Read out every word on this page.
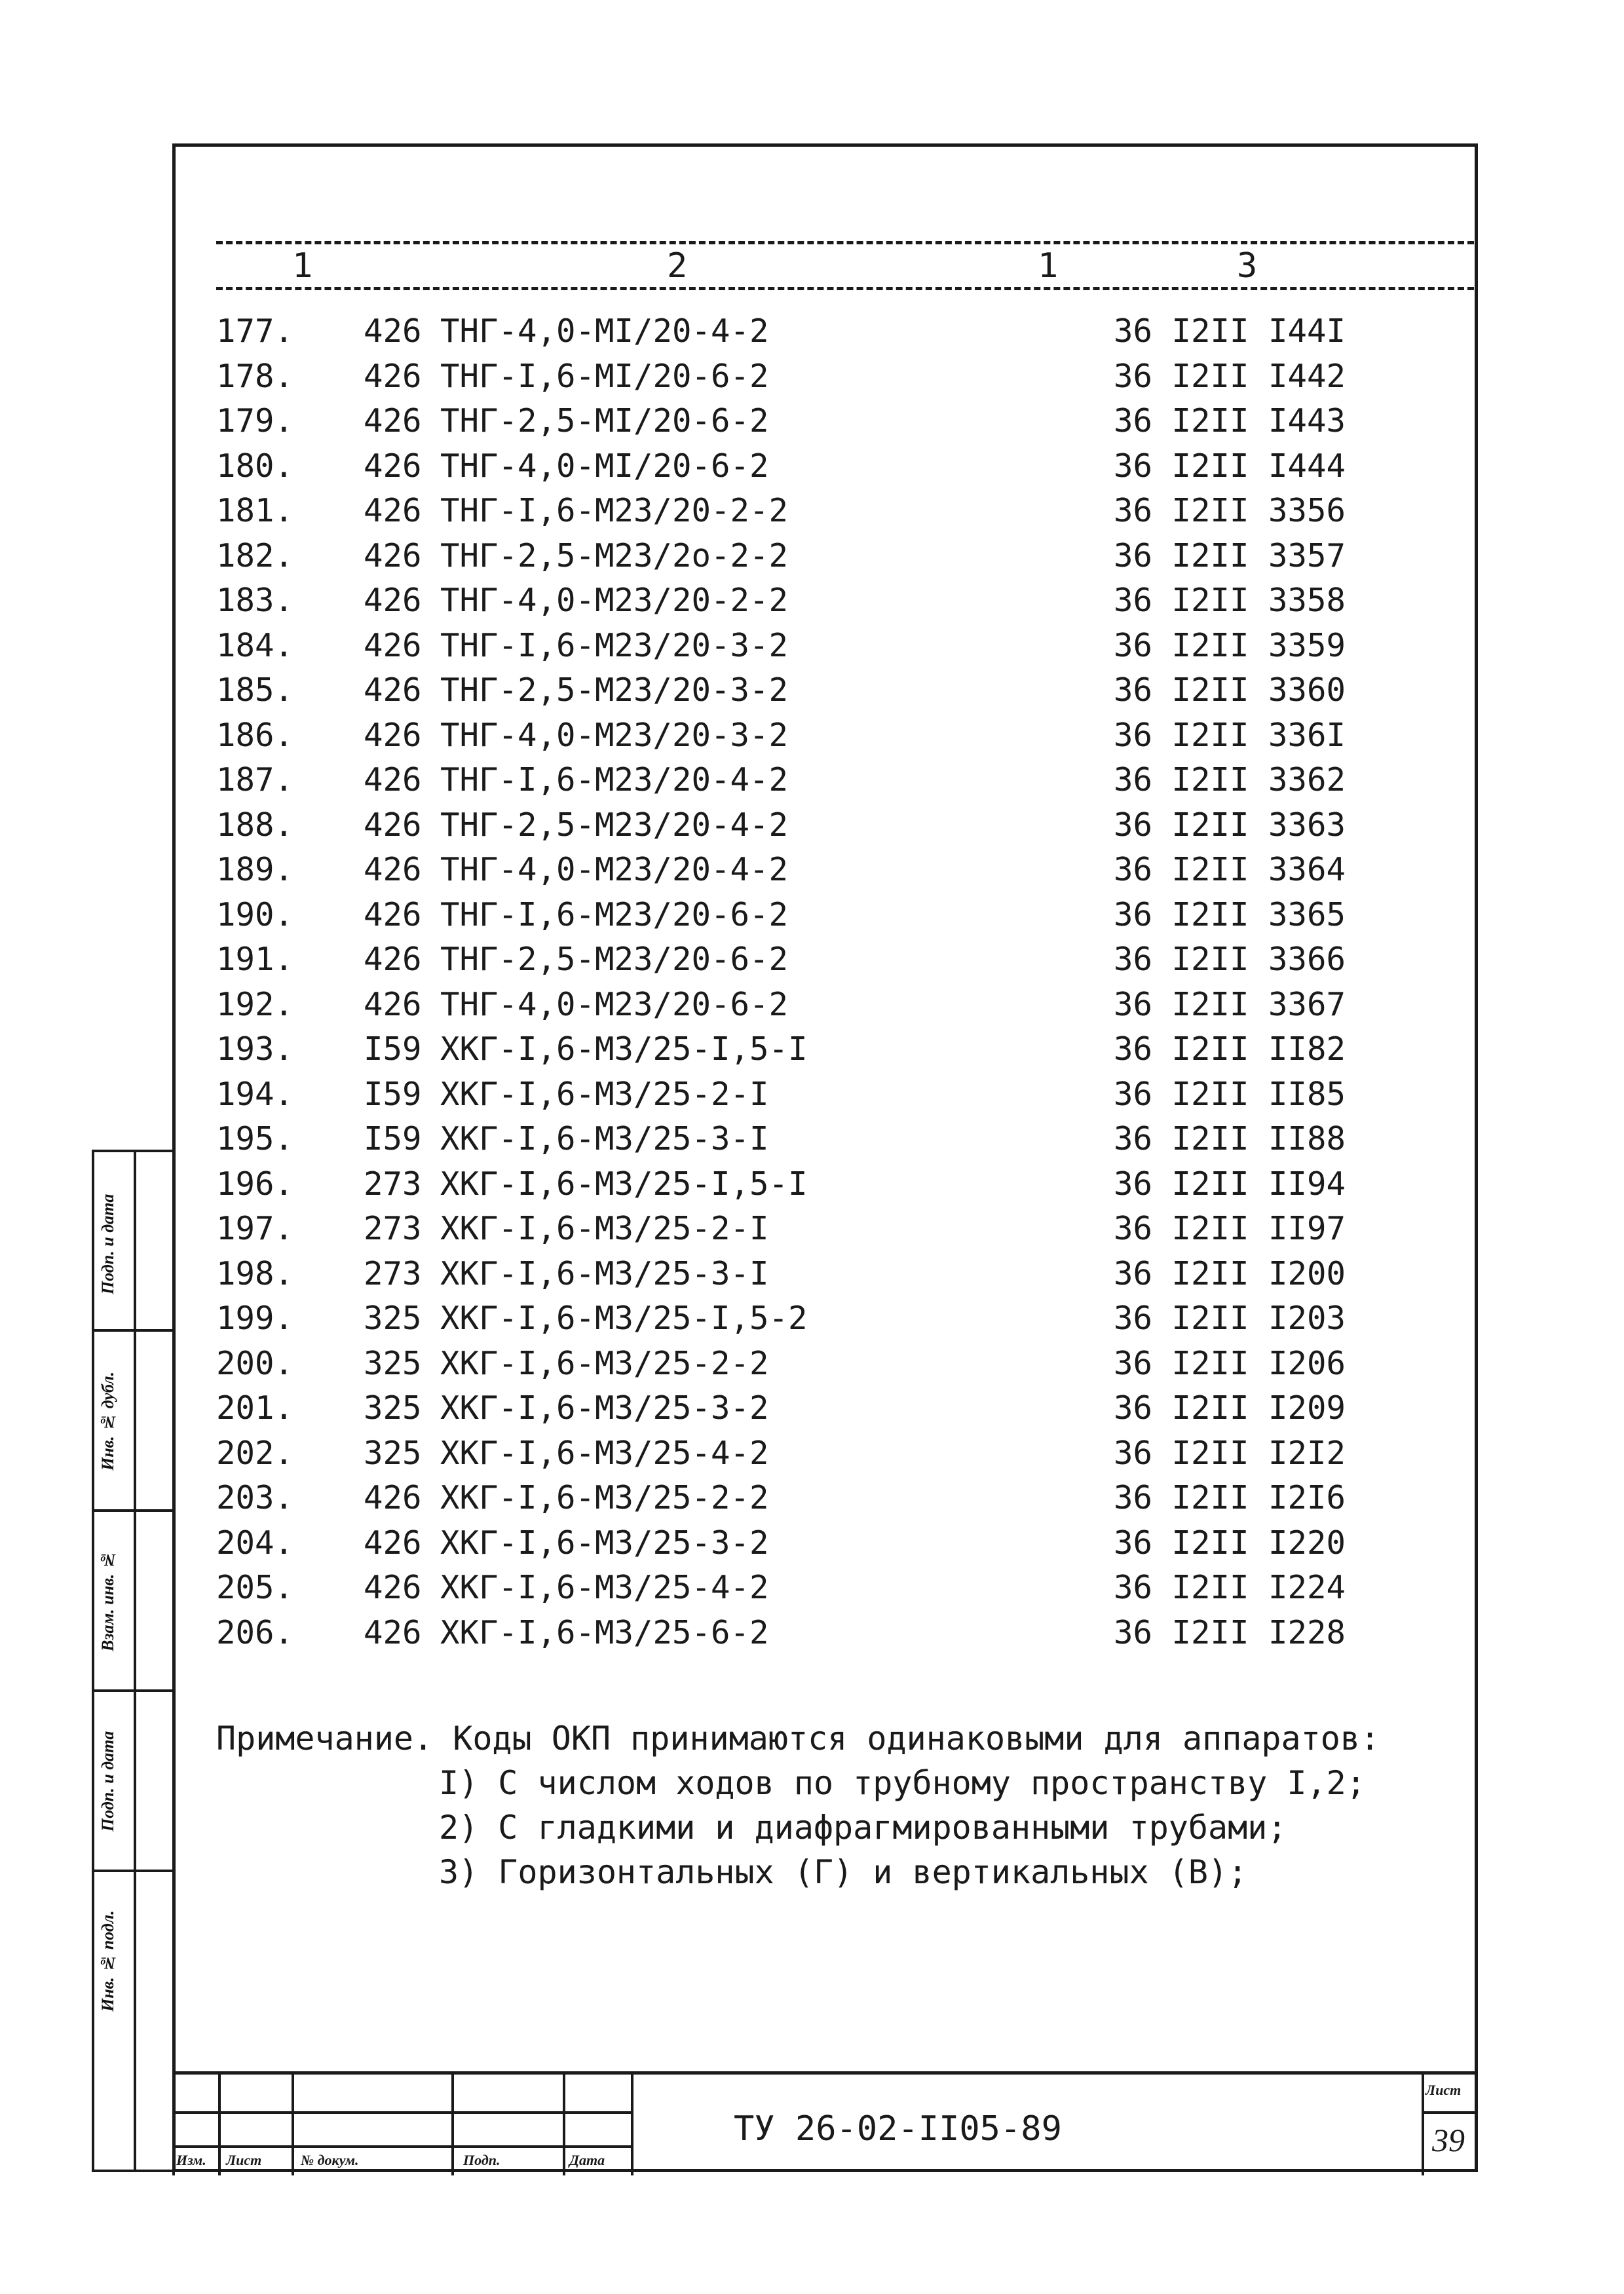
1	2	1	3
177. 426 ТНГ-4,0-МI/20-4-2	36 I2II I44I
178. 426 ТНГ-I,6-МI/20-6-2	36 I2II I442
179. 426 ТНГ-2,5-МI/20-6-2	36 I2II I443
180. 426 ТНГ-4,0-МI/20-6-2	36 I2II I444
181. 426 ТНГ-I,6-М23/20-2-2	36 I2II 3356
182. 426 ТНГ-2,5-М23/2о-2-2	36 I2II 3357
183. 426 ТНГ-4,0-М23/20-2-2	36 I2II 3358
184. 426 ТНГ-I,6-М23/20-3-2	36 I2II 3359
185. 426 ТНГ-2,5-М23/20-3-2	36 I2II 3360
186. 426 ТНГ-4,0-М23/20-3-2	36 I2II 336I
187. 426 ТНГ-I,6-М23/20-4-2	36 I2II 3362
188. 426 ТНГ-2,5-М23/20-4-2	36 I2II 3363
189. 426 ТНГ-4,0-М23/20-4-2	36 I2II 3364
190. 426 ТНГ-I,6-М23/20-6-2	36 I2II 3365
191. 426 ТНГ-2,5-М23/20-6-2	36 I2II 3366
192. 426 ТНГ-4,0-М23/20-6-2	36 I2II 3367
193. I59 ХКГ-I,6-М3/25-I,5-I	36 I2II II82
194. I59 ХКГ-I,6-М3/25-2-I	36 I2II II85
195. I59 ХКГ-I,6-М3/25-3-I	36 I2II II88
196. 273 ХКГ-I,6-М3/25-I,5-I	36 I2II II94
197. 273 ХКГ-I,6-М3/25-2-I	36 I2II II97
198. 273 ХКГ-I,6-М3/25-3-I	36 I2II I200
199. 325 ХКГ-I,6-М3/25-I,5-2	36 I2II I203
200. 325 ХКГ-I,6-М3/25-2-2	36 I2II I206
201. 325 ХКГ-I,6-М3/25-3-2	36 I2II I209
202. 325 ХКГ-I,6-М3/25-4-2	36 I2II I2I2
203. 426 ХКГ-I,6-М3/25-2-2	36 I2II I2I6
204. 426 ХКГ-I,6-М3/25-3-2	36 I2II I220
205. 426 ХКГ-I,6-М3/25-4-2	36 I2II I224
206. 426 ХКГ-I,6-М3/25-6-2	36 I2II I228
Примечание. Коды ОКП принимаются одинаковыми для аппаратов:
I) С числом ходов по трубному пространству I,2;
2) С гладкими и диафрагмированными трубами;
3) Горизонтальных (Г) и вертикальных (В);
Подп. и дата
Инв. № дубл.
Взам. инв. №
Подп. и дата
Инв. № подл.
Изм. Лист	№ докум.	Подп.	Дата
ТУ 26-02-II05-89
Лист
39
